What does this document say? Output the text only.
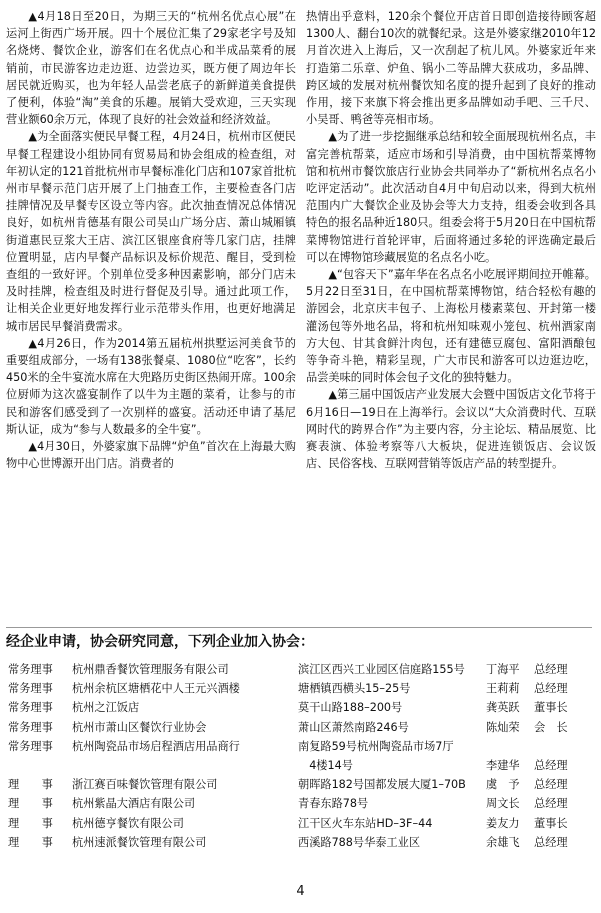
▲4月18日至20日，为期三天的“杭州名优点心展”在运河上街西广场开展。四十个展位汇集了29家老字号及知名烧烤、餐饮企业，游客们在名优点心和半成品菜肴的展销前，市民游客边走边逛、边尝边买，既方便了周边年长居民就近购买，也为年轻人品尝老底子的新鲜道美食提供了便利，体验“淘”美食的乐趣。展销大受欢迎，三天实现营业额60余万元，体现了良好的社会效益和经济效益。

▲为全面落实便民早餐工程，4月24日，杭州市区便民早餐工程建设小组协同有贸易局和协会组成的检查组，对年初认定的121首批杭州市早餐标准化门店和107家首批杭州市早餐示范门店开展了上门抽查工作，主要检查各门店挂牌情况及早餐专区设立等内容。此次抽查情况总体情况良好，如杭州肯德基有限公司吴山广场分店、萧山城厢镇街道惠民豆浆大王店、滨江区银座食府等几家门店，挂牌位置明显，店内早餐产品标识及标价规范、醒目，受到检查组的一致好评。个别单位受多种因素影响，部分门店未及时挂牌，检查组及时进行督促及引导。通过此项工作，让相关企业更好地发挥行业示范带头作用，也更好地满足城市居民早餐消费需求。

▲4月26日，作为2014第五届杭州拱墅运河美食节的重要组成部分，一场有138张餐桌、1080位“吃客”，长约450米的全牛宴流水席在大兜路历史街区热闹开席。100余位厨师为这次盛宴制作了以牛为主题的菜肴，让参与的市民和游客们感受到了一次别样的盛宴。活动还申请了基尼斯认证，成为“参与人数最多的全牛宴”。

▲4月30日，外婆家旗下品牌“炉鱼”首次在上海最大购物中心世博源开出门店。消费者的

热情出乎意料，120余个餐位开店首日即创造接待顾客超1300人、翻台10次的就餐纪录。这是外婆家继2010年12月首次进入上海后，又一次刮起了杭儿风。外婆家近年来打造第二乐章、炉鱼、锅小二等品牌大获成功，多品牌、跨区域的发展对杭州餐饮知名度的提升起到了良好的推动作用，接下来旗下将会推出更多品牌如动手吧、三千尺、小吴哥、鸭爸等亮相市场。

▲为了进一步挖掘继承总结和较全面展现杭州名点，丰富完善杭帮菜，适应市场和引导消费，由中国杭帮菜博物馆和杭州市餐饮旅店行业协会共同举办了“新杭州名点名小吃评定活动”。此次活动自4月中旬启动以来，得到大杭州范围内广大餐饮企业及协会等大力支持，组委会收到各具特色的报名品种近180只。组委会将于5月20日在中国杭帮菜博物馆进行首轮评审，后面将通过多轮的评选确定最后可以在博物馆珍藏展览的名点名小吃。

▲“包容天下”嘉年华在名点名小吃展评期间拉开帷幕。5月22日至31日，在中国杭帮菜博物馆，结合轻松有趣的游园会，北京庆丰包子、上海松月楼素菜包、开封第一楼灌汤包等外地名品，将和杭州知味观小笼包、杭州酒家南方大包、甘其食鲜汁肉包，还有建德豆腐包、富阳酒酿包等争奇斗艳，精彩呈现，广大市民和游客可以边逛边吃，品尝美味的同时体会包子文化的独特魅力。

▲第三届中国饭店产业发展大会暨中国饭店文化节将于6月16日—19日在上海举行。会议以“大众消费时代、互联网时代的跨界合作”为主要内容，分主论坛、精品展览、比赛表演、体验考察等八大板块，促进连锁饭店、会议饭店、民俗客栈、互联网营销等饭店产品的转型提升。

经企业申请，协会研究同意，下列企业加入协会：
常务理事	杭州鼎香餐饮管理服务有限公司	滨江区西兴工业园区信庭路155号	丁海平	总经理
常务理事	杭州余杭区塘栖花中人王元兴酒楼	塘栖镇西横头15–25号	王莉莉	总经理
常务理事	杭州之江饭店	莫干山路188–200号	龚英跃	董事长
常务理事	杭州市萧山区餐饮行业协会	萧山区萧然南路246号	陈灿荣	会　长
常务理事	杭州陶瓷品市场启程酒店用品商行	南复路59号杭州陶瓷品市场7厅		
		　4楼14号	李建华	总经理
理　　事	浙江赛百味餐饮管理有限公司	朝晖路182号国都发展大厦1–70B	虞　予	总经理
理　　事	杭州紫晶大酒店有限公司	青春东路78号	周文长	总经理
理　　事	杭州德亨餐饮有限公司	江干区火车东站HD–3F–44	姜友力	董事长
理　　事	杭州速派餐饮管理有限公司	西溪路788号华泰工业区	余雄飞	总经理
4
